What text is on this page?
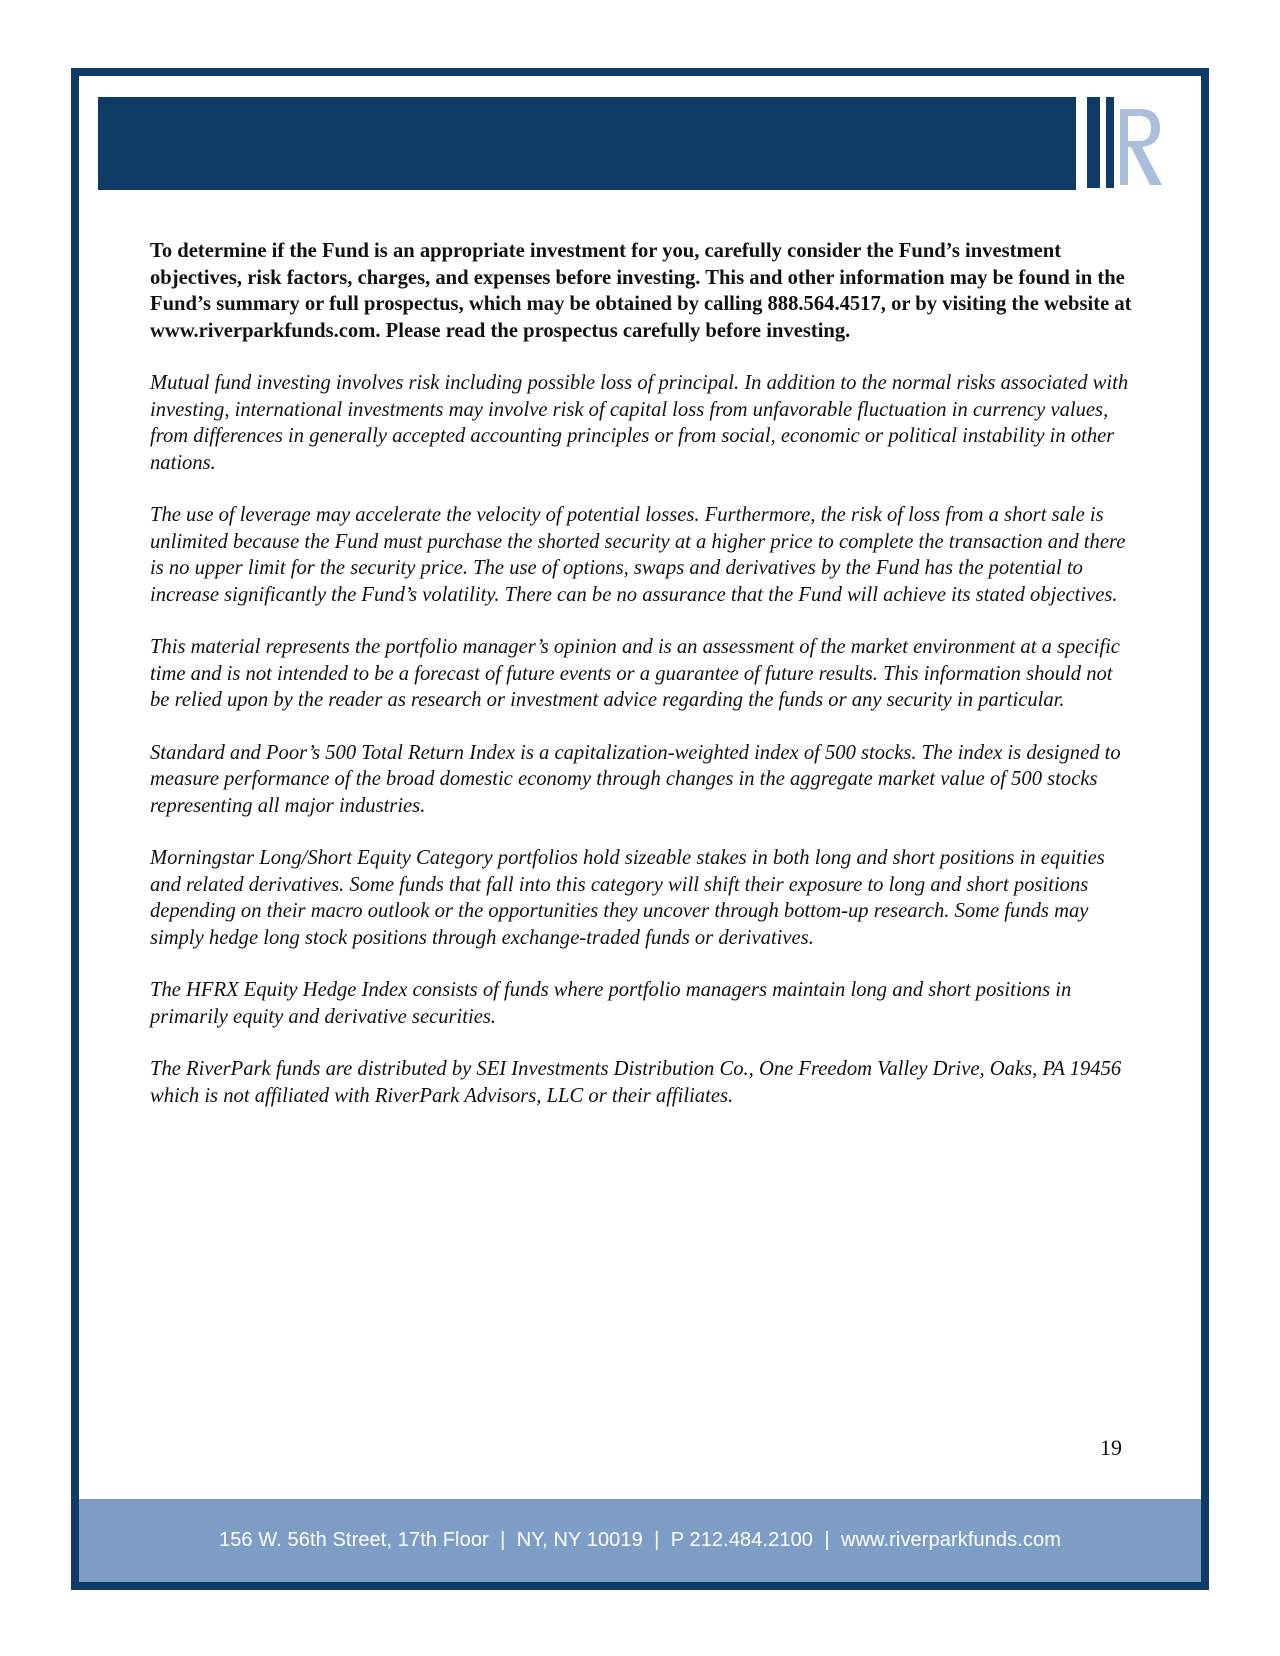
To determine if the Fund is an appropriate investment for you, carefully consider the Fund’s investment objectives, risk factors, charges, and expenses before investing. This and other information may be found in the Fund’s summary or full prospectus, which may be obtained by calling 888.564.4517, or by visiting the website at www.riverparkfunds.com. Please read the prospectus carefully before investing.

Mutual fund investing involves risk including possible loss of principal. In addition to the normal risks associated with investing, international investments may involve risk of capital loss from unfavorable fluctuation in currency values, from differences in generally accepted accounting principles or from social, economic or political instability in other nations.

The use of leverage may accelerate the velocity of potential losses. Furthermore, the risk of loss from a short sale is unlimited because the Fund must purchase the shorted security at a higher price to complete the transaction and there is no upper limit for the security price. The use of options, swaps and derivatives by the Fund has the potential to increase significantly the Fund’s volatility. There can be no assurance that the Fund will achieve its stated objectives.

This material represents the portfolio manager’s opinion and is an assessment of the market environment at a specific time and is not intended to be a forecast of future events or a guarantee of future results. This information should not be relied upon by the reader as research or investment advice regarding the funds or any security in particular.

Standard and Poor’s 500 Total Return Index is a capitalization-weighted index of 500 stocks. The index is designed to measure performance of the broad domestic economy through changes in the aggregate market value of 500 stocks representing all major industries.

Morningstar Long/Short Equity Category portfolios hold sizeable stakes in both long and short positions in equities and related derivatives. Some funds that fall into this category will shift their exposure to long and short positions depending on their macro outlook or the opportunities they uncover through bottom-up research. Some funds may simply hedge long stock positions through exchange-traded funds or derivatives.

The HFRX Equity Hedge Index consists of funds where portfolio managers maintain long and short positions in primarily equity and derivative securities.

The RiverPark funds are distributed by SEI Investments Distribution Co., One Freedom Valley Drive, Oaks, PA 19456 which is not affiliated with RiverPark Advisors, LLC or their affiliates.

19
156 W. 56th Street, 17th Floor  |  NY, NY 10019  |  P 212.484.2100  |  www.riverparkfunds.com
